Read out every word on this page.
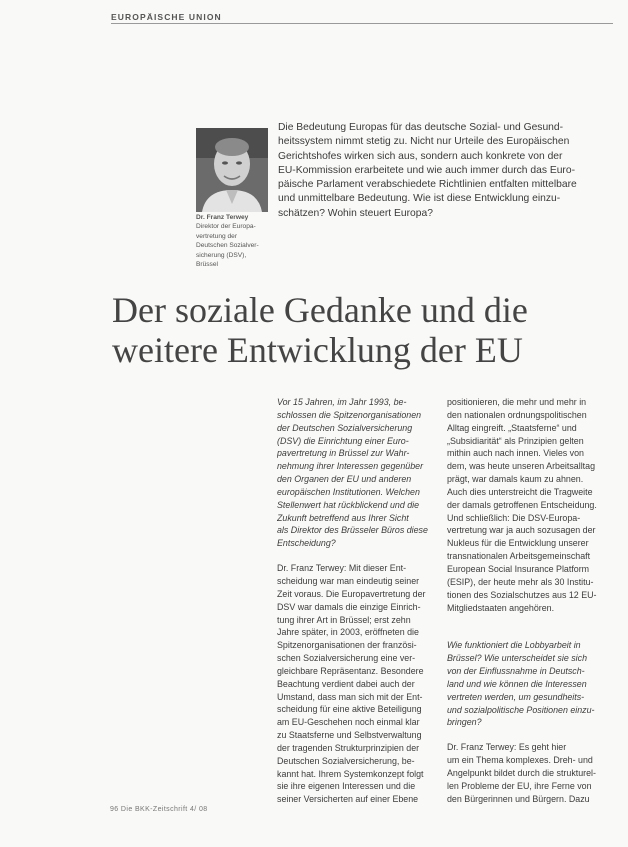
EUROPÄISCHE UNION
Dr. Franz Terwey
Direktor der Europa-
vertretung der
Deutschen Sozialver-
sicherung (DSV),
Brüssel
Die Bedeutung Europas für das deutsche Sozial- und Gesund-
heitssystem nimmt stetig zu. Nicht nur Urteile des Europäischen
Gerichtshofes wirken sich aus, sondern auch konkrete von der
EU-Kommission erarbeitete und wie auch immer durch das Euro-
päische Parlament verabschiedete Richtlinien entfalten mittelbare
und unmittelbare Bedeutung. Wie ist diese Entwicklung einzu-
schätzen? Wohin steuert Europa?
Der soziale Gedanke und die
weitere Entwicklung der EU
Vor 15 Jahren, im Jahr 1993, be-
schlossen die Spitzenorganisationen
der Deutschen Sozialversicherung
(DSV) die Einrichtung einer Euro-
pavertretung in Brüssel zur Wahr-
nehmung ihrer Interessen gegenüber
den Organen der EU und anderen
europäischen Institutionen. Welchen
Stellenwert hat rückblickend und die
Zukunft betreffend aus Ihrer Sicht
als Direktor des Brüsseler Büros diese
Entscheidung?
Dr. Franz Terwey: Mit dieser Ent-
scheidung war man eindeutig seiner
Zeit voraus. Die Europavertretung der
DSV war damals die einzige Einrich-
tung ihrer Art in Brüssel; erst zehn
Jahre später, in 2003, eröffneten die
Spitzenorganisationen der französi-
schen Sozialversicherung eine ver-
gleichbare Repräsentanz. Besondere
Beachtung verdient dabei auch der
Umstand, dass man sich mit der Ent-
scheidung für eine aktive Beteiligung
am EU-Geschehen noch einmal klar
zu Staatsferne und Selbstverwaltung
der tragenden Strukturprinzipien der
Deutschen Sozialversicherung, be-
kannt hat. Ihrem Systemkonzept folgt
sie ihre eigenen Interessen und die
seiner Versicherten auf einer Ebene
positionieren, die mehr und mehr in
den nationalen ordnungspolitischen
Alltag eingreift. „Staatsferne“ und
„Subsidiarität“ als Prinzipien gelten
mithin auch nach innen. Vieles von
dem, was heute unseren Arbeitsalltag
prägt, war damals kaum zu ahnen.
Auch dies unterstreicht die Tragweite
der damals getroffenen Entscheidung.
Und schließlich: Die DSV-Europa-
vertretung war ja auch sozusagen der
Nukleus für die Entwicklung unserer
transnationalen Arbeitsgemeinschaft
European Social Insurance Platform
(ESIP), der heute mehr als 30 Institu-
tionen des Sozialschutzes aus 12 EU-
Mitgliedstaaten angehören.
Wie funktioniert die Lobbyarbeit in
Brüssel? Wie unterscheidet sie sich
von der Einflussnahme in Deutsch-
land und wie können die Interessen
vertreten werden, um gesundheits-
und sozialpolitische Positionen einzu-
bringen?
Dr. Franz Terwey: Es geht hier
um ein Thema komplexes. Dreh- und
Angelpunkt bildet durch die strukturel-
len Probleme der EU, ihre Ferne von
den Bürgerinnen und Bürgern. Dazu
96 Die BKK-Zeitschrift 4/ 08
